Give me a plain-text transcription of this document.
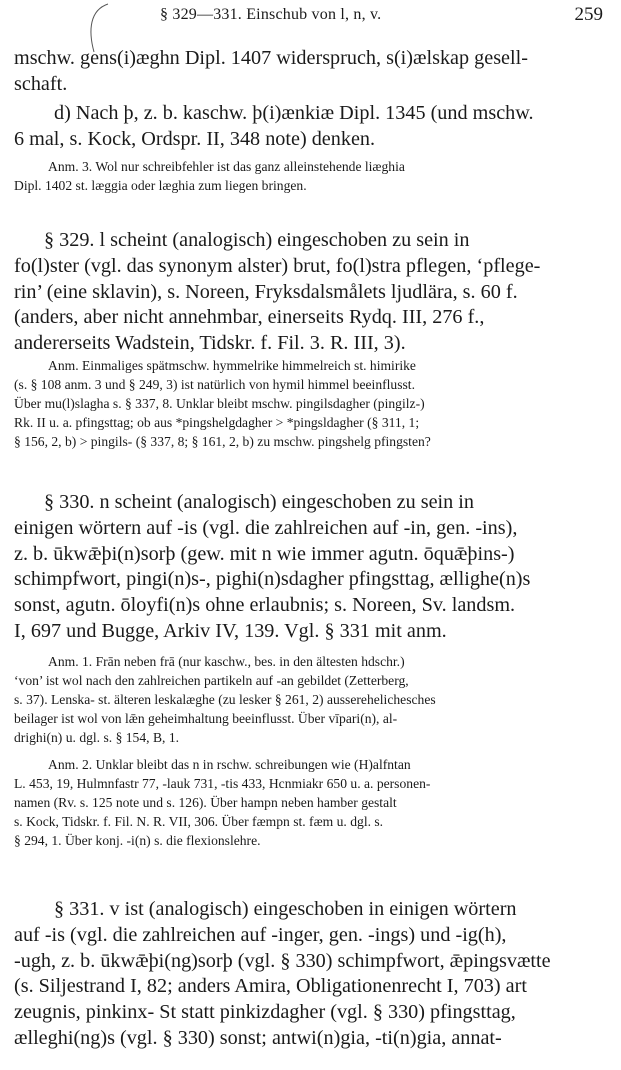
§ 329—331. Einschub von l, n, v.	259
mschw. gens(i)æghn Dipl. 1407 widerspruch, s(i)ælskap gesell-
schaft.
d) Nach þ, z. b. kaschw. þ(i)ænkiæ Dipl. 1345 (und mschw.
6 mal, s. Kock, Ordspr. II, 348 note) denken.
Anm. 3. Wol nur schreibfehler ist das ganz alleinstehende liæghia
Dipl. 1402 st. læggia oder læghia zum liegen bringen.
§ 329. l scheint (analogisch) eingeschoben zu sein in
fo(l)ster (vgl. das synonym alster) brut, fo(l)stra pflegen, ‘pflege-
rin’ (eine sklavin), s. Noreen, Fryksdalsmålets ljudlära, s. 60 f.
(anders, aber nicht annehmbar, einerseits Rydq. III, 276 f.,
andererseits Wadstein, Tidskr. f. Fil. 3. R. III, 3).
Anm. Einmaliges spätmschw. hymmelrike himmelreich st. himirike
(s. § 108 anm. 3 und § 249, 3) ist natürlich von hymil himmel beeinflusst.
Über mu(l)slagha s. § 337, 8. Unklar bleibt mschw. pingilsdagher (pingilz-)
Rk. II u. a. pfingsttag; ob aus *pingshelgdagher > *pingsldagher (§ 311, 1;
§ 156, 2, b) > pingils- (§ 337, 8; § 161, 2, b) zu mschw. pingshelg pfingsten?
§ 330. n scheint (analogisch) eingeschoben zu sein in
einigen wörtern auf -is (vgl. die zahlreichen auf -in, gen. -ins),
z. b. ūkwǣþi(n)sorþ (gew. mit n wie immer agutn. ōquǣþins-)
schimpfwort, pingi(n)s-, pighi(n)sdagher pfingsttag, ællighe(n)s
sonst, agutn. ōloyfi(n)s ohne erlaubnis; s. Noreen, Sv. landsm.
I, 697 und Bugge, Arkiv IV, 139. Vgl. § 331 mit anm.
Anm. 1. Frān neben frā (nur kaschw., bes. in den ältesten hdschr.)
‘von’ ist wol nach den zahlreichen partikeln auf -an gebildet (Zetterberg,
s. 37). Lenska- st. älteren leskalæghe (zu lesker § 261, 2) ausserehelichesches
beilager ist wol von lǣn geheimhaltung beeinflusst. Über vīpari(n), al-
drighi(n) u. dgl. s. § 154, B, 1.
Anm. 2. Unklar bleibt das n in rschw. schreibungen wie (H)alfntan
L. 453, 19, Hulmnfastr 77, -lauk 731, -tis 433, Hcnmiakr 650 u. a. personen-
namen (Rv. s. 125 note und s. 126). Über hampn neben hamber gestalt
s. Kock, Tidskr. f. Fil. N. R. VII, 306. Über fæmpn st. fæm u. dgl. s.
§ 294, 1. Über konj. -i(n) s. die flexionslehre.
§ 331. v ist (analogisch) eingeschoben in einigen wörtern
auf -is (vgl. die zahlreichen auf -inger, gen. -ings) und -ig(h),
-ugh, z. b. ūkwǣþi(ng)sorþ (vgl. § 330) schimpfwort, ǣpingsvætte
(s. Siljestrand I, 82; anders Amira, Obligationenrecht I, 703) art
zeugnis, pinkinx- St statt pinkizdagher (vgl. § 330) pfingsttag,
ælleghi(ng)s (vgl. § 330) sonst; antwi(n)gia, -ti(n)gia, annat-
